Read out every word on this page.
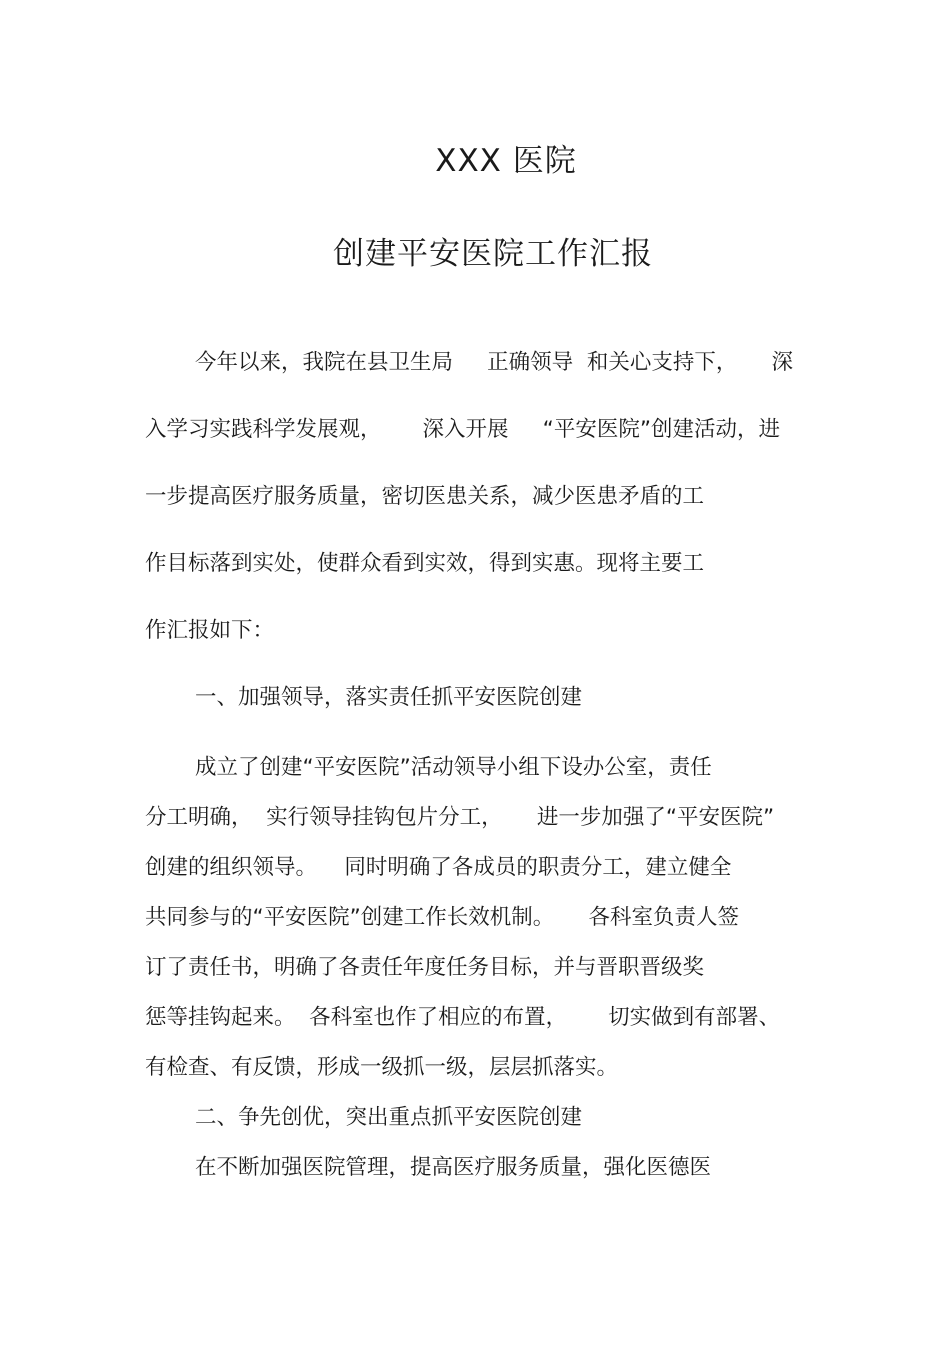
XXX 医院
创建平安医院工作汇报
今年以来，我院在县卫生局     正确领导  和关心支持下，     深
入学习实践科学发展观，      深入开展     “平安医院”创建活动，进
一步提高医疗服务质量，密切医患关系，减少医患矛盾的工
作目标落到实处，使群众看到实效，得到实惠。现将主要工
作汇报如下：
一、加强领导，落实责任抓平安医院创建
成立了创建“平安医院”活动领导小组下设办公室，责任
分工明确，  实行领导挂钩包片分工，     进一步加强了“平安医院”
创建的组织领导。    同时明确了各成员的职责分工，建立健全
共同参与的“平安医院”创建工作长效机制。     各科室负责人签
订了责任书，明确了各责任年度任务目标，并与晋职晋级奖
惩等挂钩起来。  各科室也作了相应的布置，      切实做到有部署、
有检查、有反馈，形成一级抓一级，层层抓落实。
二、争先创优，突出重点抓平安医院创建
在不断加强医院管理，提高医疗服务质量，强化医德医
